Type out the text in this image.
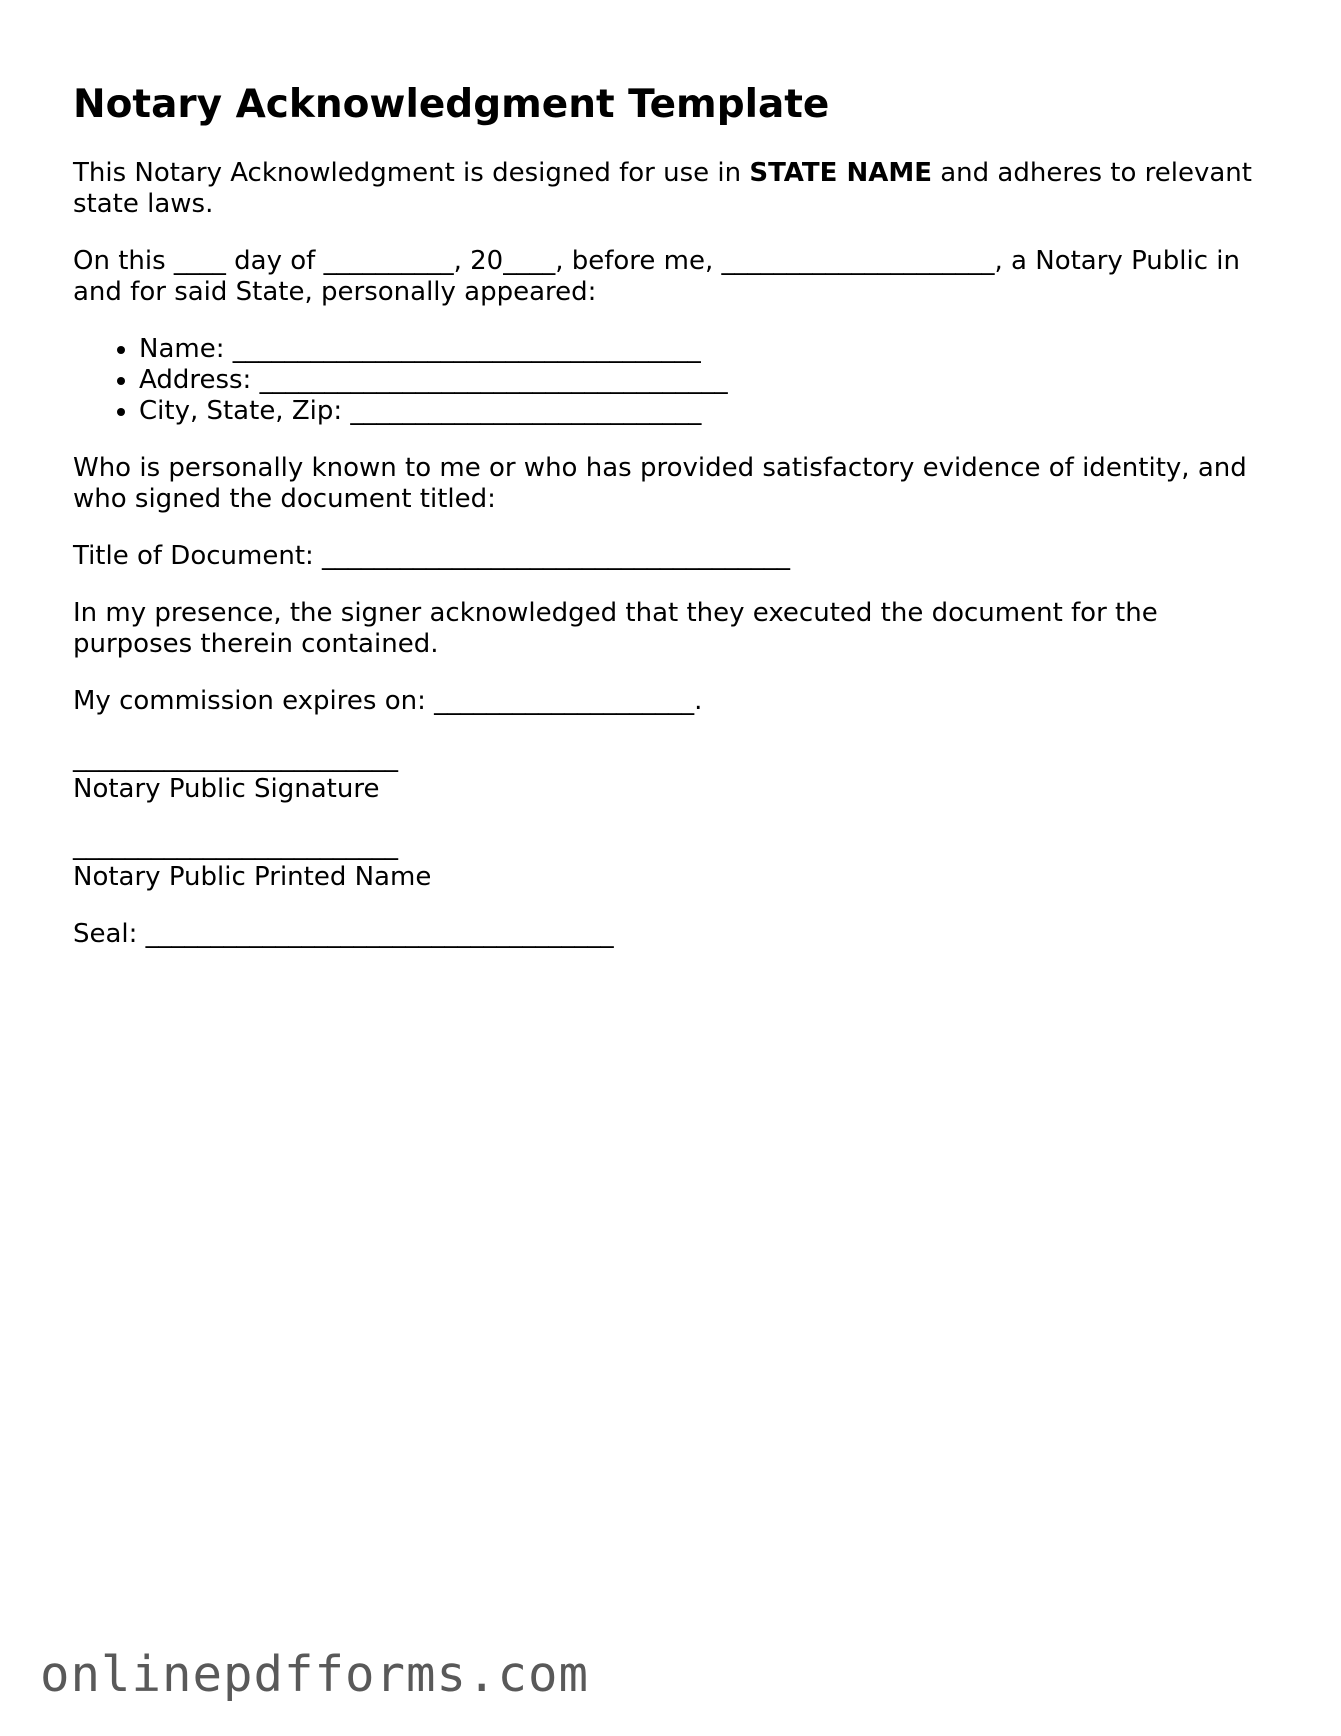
Notary Acknowledgment Template

This Notary Acknowledgment is designed for use in STATE NAME and adheres to relevant state laws.

On this ____ day of __________, 20____, before me, _____________________, a Notary Public in and for said State, personally appeared:

• Name: ____________________________________
• Address: ____________________________________
• City, State, Zip: ___________________________

Who is personally known to me or who has provided satisfactory evidence of identity, and who signed the document titled:

Title of Document: ____________________________________

In my presence, the signer acknowledged that they executed the document for the purposes therein contained.

My commission expires on: ____________________.

_________________________
Notary Public Signature
_________________________
Notary Public Printed Name

Seal: ____________________________________

onlinepdfforms.com
